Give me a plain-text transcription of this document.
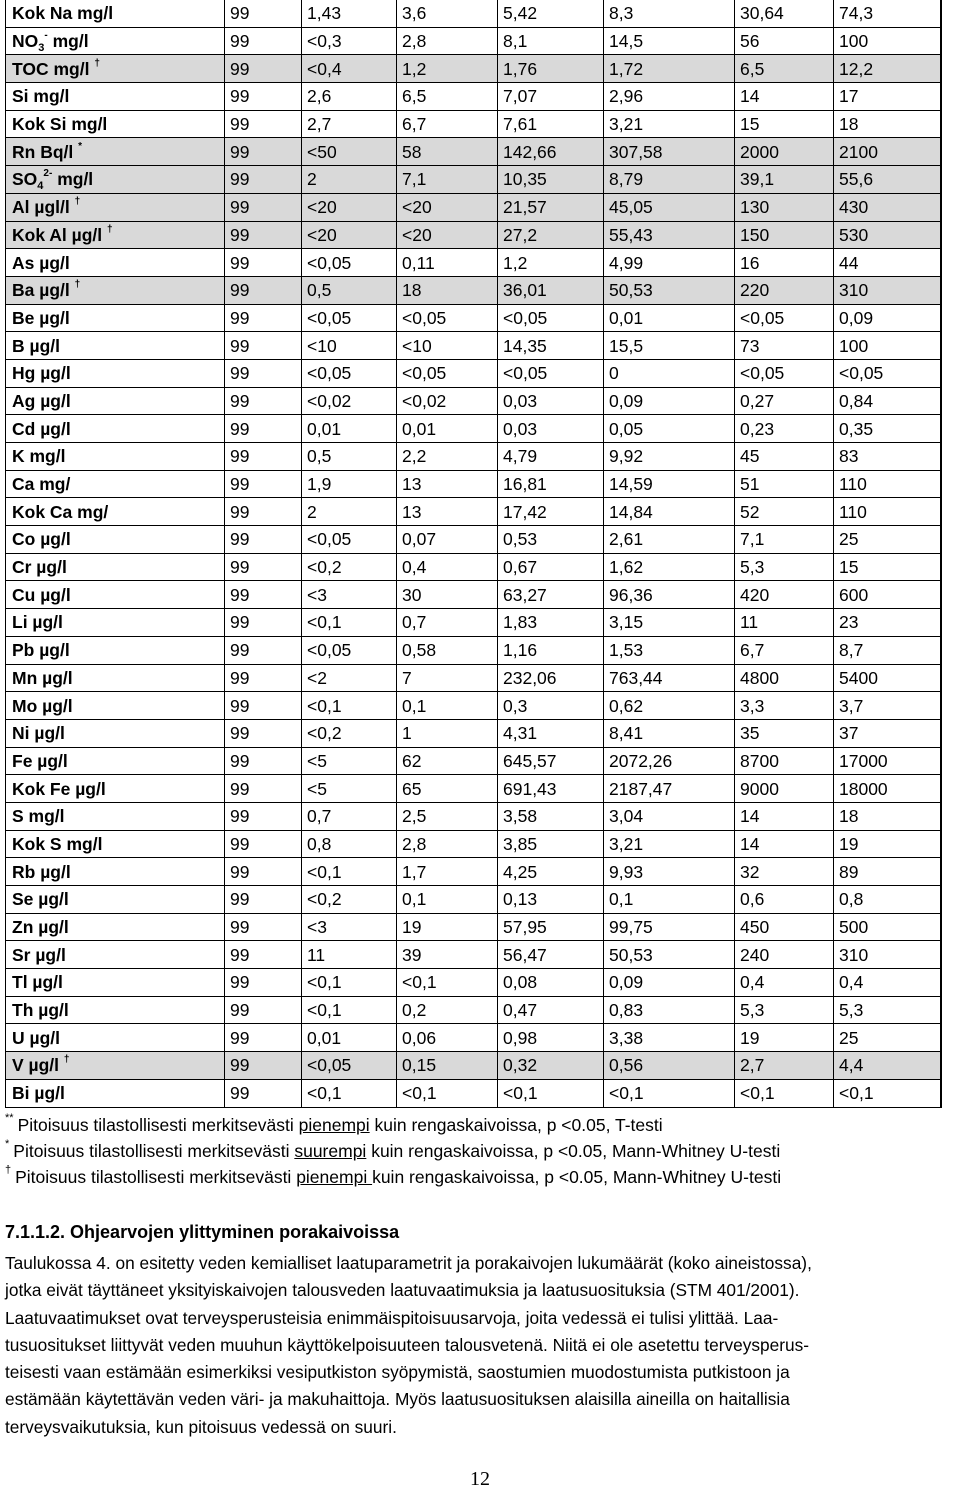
Kok Na mg/l	99	1,43	3,6	5,42	8,3	30,64	74,3
$NO_3^-$ mg/l	99	<0,3	2,8	8,1	14,5	56	100
TOC mg/l †	99	<0,4	1,2	1,76	1,72	6,5	12,2
Si mg/l	99	2,6	6,5	7,07	2,96	14	17
Kok Si mg/l	99	2,7	6,7	7,61	3,21	15	18
Rn Bq/l *	99	<50	58	142,66	307,58	2000	2100
$SO_4^{2-}$ mg/l	99	2	7,1	10,35	8,79	39,1	55,6
Al µgl/l †	99	<20	<20	21,57	45,05	130	430
Kok Al µg/l †	99	<20	<20	27,2	55,43	150	530
As µg/l	99	<0,05	0,11	1,2	4,99	16	44
Ba µg/l †	99	0,5	18	36,01	50,53	220	310
Be µg/l	99	<0,05	<0,05	<0,05	0,01	<0,05	0,09
B µg/l	99	<10	<10	14,35	15,5	73	100
Hg µg/l	99	<0,05	<0,05	<0,05	0	<0,05	<0,05
Ag µg/l	99	<0,02	<0,02	0,03	0,09	0,27	0,84
Cd µg/l	99	0,01	0,01	0,03	0,05	0,23	0,35
K mg/l	99	0,5	2,2	4,79	9,92	45	83
Ca mg/	99	1,9	13	16,81	14,59	51	110
Kok Ca mg/	99	2	13	17,42	14,84	52	110
Co µg/l	99	<0,05	0,07	0,53	2,61	7,1	25
Cr µg/l	99	<0,2	0,4	0,67	1,62	5,3	15
Cu µg/l	99	<3	30	63,27	96,36	420	600
Li µg/l	99	<0,1	0,7	1,83	3,15	11	23
Pb µg/l	99	<0,05	0,58	1,16	1,53	6,7	8,7
Mn µg/l	99	<2	7	232,06	763,44	4800	5400
Mo µg/l	99	<0,1	0,1	0,3	0,62	3,3	3,7
Ni µg/l	99	<0,2	1	4,31	8,41	35	37
Fe µg/l	99	<5	62	645,57	2072,26	8700	17000
Kok Fe µg/l	99	<5	65	691,43	2187,47	9000	18000
S mg/l	99	0,7	2,5	3,58	3,04	14	18
Kok S mg/l	99	0,8	2,8	3,85	3,21	14	19
Rb µg/l	99	<0,1	1,7	4,25	9,93	32	89
Se µg/l	99	<0,2	0,1	0,13	0,1	0,6	0,8
Zn µg/l	99	<3	19	57,95	99,75	450	500
Sr µg/l	99	11	39	56,47	50,53	240	310
Tl µg/l	99	<0,1	<0,1	0,08	0,09	0,4	0,4
Th µg/l	99	<0,1	0,2	0,47	0,83	5,3	5,3
U µg/l	99	0,01	0,06	0,98	3,38	19	25
V µg/l †	99	<0,05	0,15	0,32	0,56	2,7	4,4
Bi µg/l	99	<0,1	<0,1	<0,1	<0,1	<0,1	<0,1
** Pitoisuus tilastollisesti merkitsevästi pienempi kuin rengaskaivoissa, p <0.05, T-testi
* Pitoisuus tilastollisesti merkitsevästi suurempi kuin rengaskaivoissa, p <0.05, Mann-Whitney U-testi
† Pitoisuus tilastollisesti merkitsevästi pienempi kuin rengaskaivoissa, p <0.05, Mann-Whitney U-testi
7.1.1.2. Ohjearvojen ylittyminen porakaivoissa
Taulukossa 4. on esitetty veden kemialliset laatuparametrit ja porakaivojen lukumäärät (koko aineistossa),
jotka eivät täyttäneet yksityiskaivojen talousveden laatuvaatimuksia ja laatusuosituksia (STM 401/2001).
Laatuvaatimukset ovat terveysperusteisia enimmäispitoisuusarvoja, joita vedessä ei tulisi ylittää. Laa-
tusuositukset liittyvät veden muuhun käyttökelpoisuuteen talousvetenä. Niitä ei ole asetettu terveysperus-
teisesti vaan estämään esimerkiksi vesiputkiston syöpymistä, saostumien muodostumista putkistoon ja
estämään käytettävän veden väri- ja makuhaittoja. Myös laatusuosituksen alaisilla aineilla on haitallisia
terveysvaikutuksia, kun pitoisuus vedessä on suuri.
12
